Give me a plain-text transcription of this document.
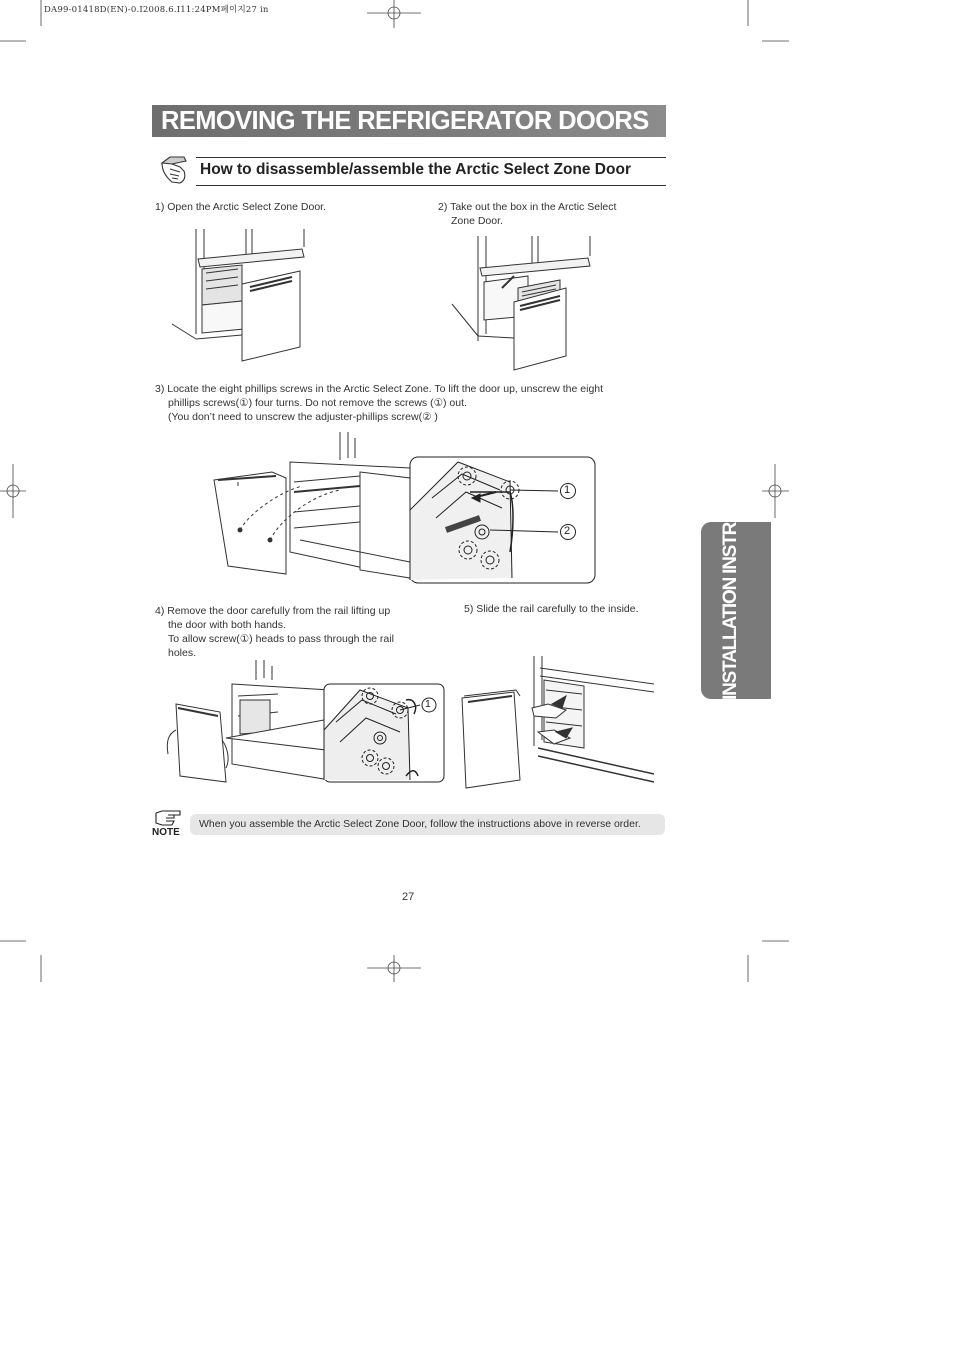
DA99-01418D(EN)-0.I2008.6.I11:24PM페이지27 in
REMOVING THE REFRIGERATOR DOORS
How to disassemble/assemble the Arctic Select Zone Door
1) Open the Arctic Select Zone Door.	2) Take out the box in the Arctic Select
Zone Door.
3) Locate the eight phillips screws in the Arctic Select Zone. To lift the door up, unscrew the eight
phillips screws(①) four turns. Do not remove the screws (①) out.
(You don’t need to unscrew the adjuster-phillips screw(② )
1
2
4) Remove the door carefully from the rail lifting up
the door with both hands.
To allow screw(①) heads to pass through the rail
holes.
1
5) Slide the rail carefully to the inside.	INSTALLATION INSTRUCTIONS
NOTE
When you assemble the Arctic Select Zone Door, follow the instructions above in reverse order.
27
